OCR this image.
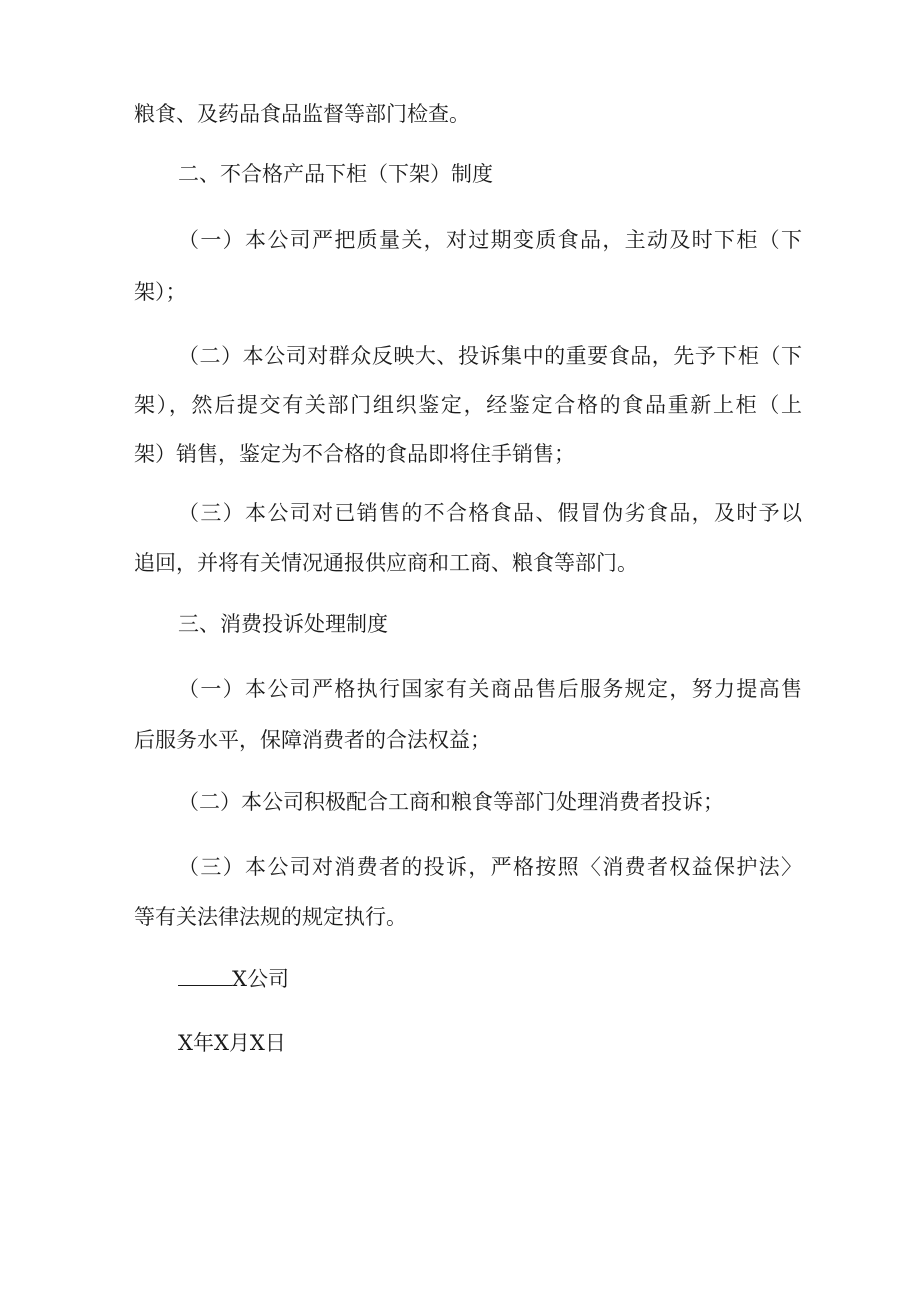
粮食、及药品食品监督等部门检查。

二、不合格产品下柜（下架）制度

（一）本公司严把质量关，对过期变质食品，主动及时下柜（下

架）；

（二）本公司对群众反映大、投诉集中的重要食品，先予下柜（下

架），然后提交有关部门组织鉴定，经鉴定合格的食品重新上柜（上

架）销售，鉴定为不合格的食品即将住手销售；

（三）本公司对已销售的不合格食品、假冒伪劣食品，及时予以

追回，并将有关情况通报供应商和工商、粮食等部门。

三、消费投诉处理制度

（一）本公司严格执行国家有关商品售后服务规定，努力提高售

后服务水平，保障消费者的合法权益；

（二）本公司积极配合工商和粮食等部门处理消费者投诉；

（三）本公司对消费者的投诉，严格按照〈消费者权益保护法〉

等有关法律法规的规定执行。

X公司

X年X月X日
